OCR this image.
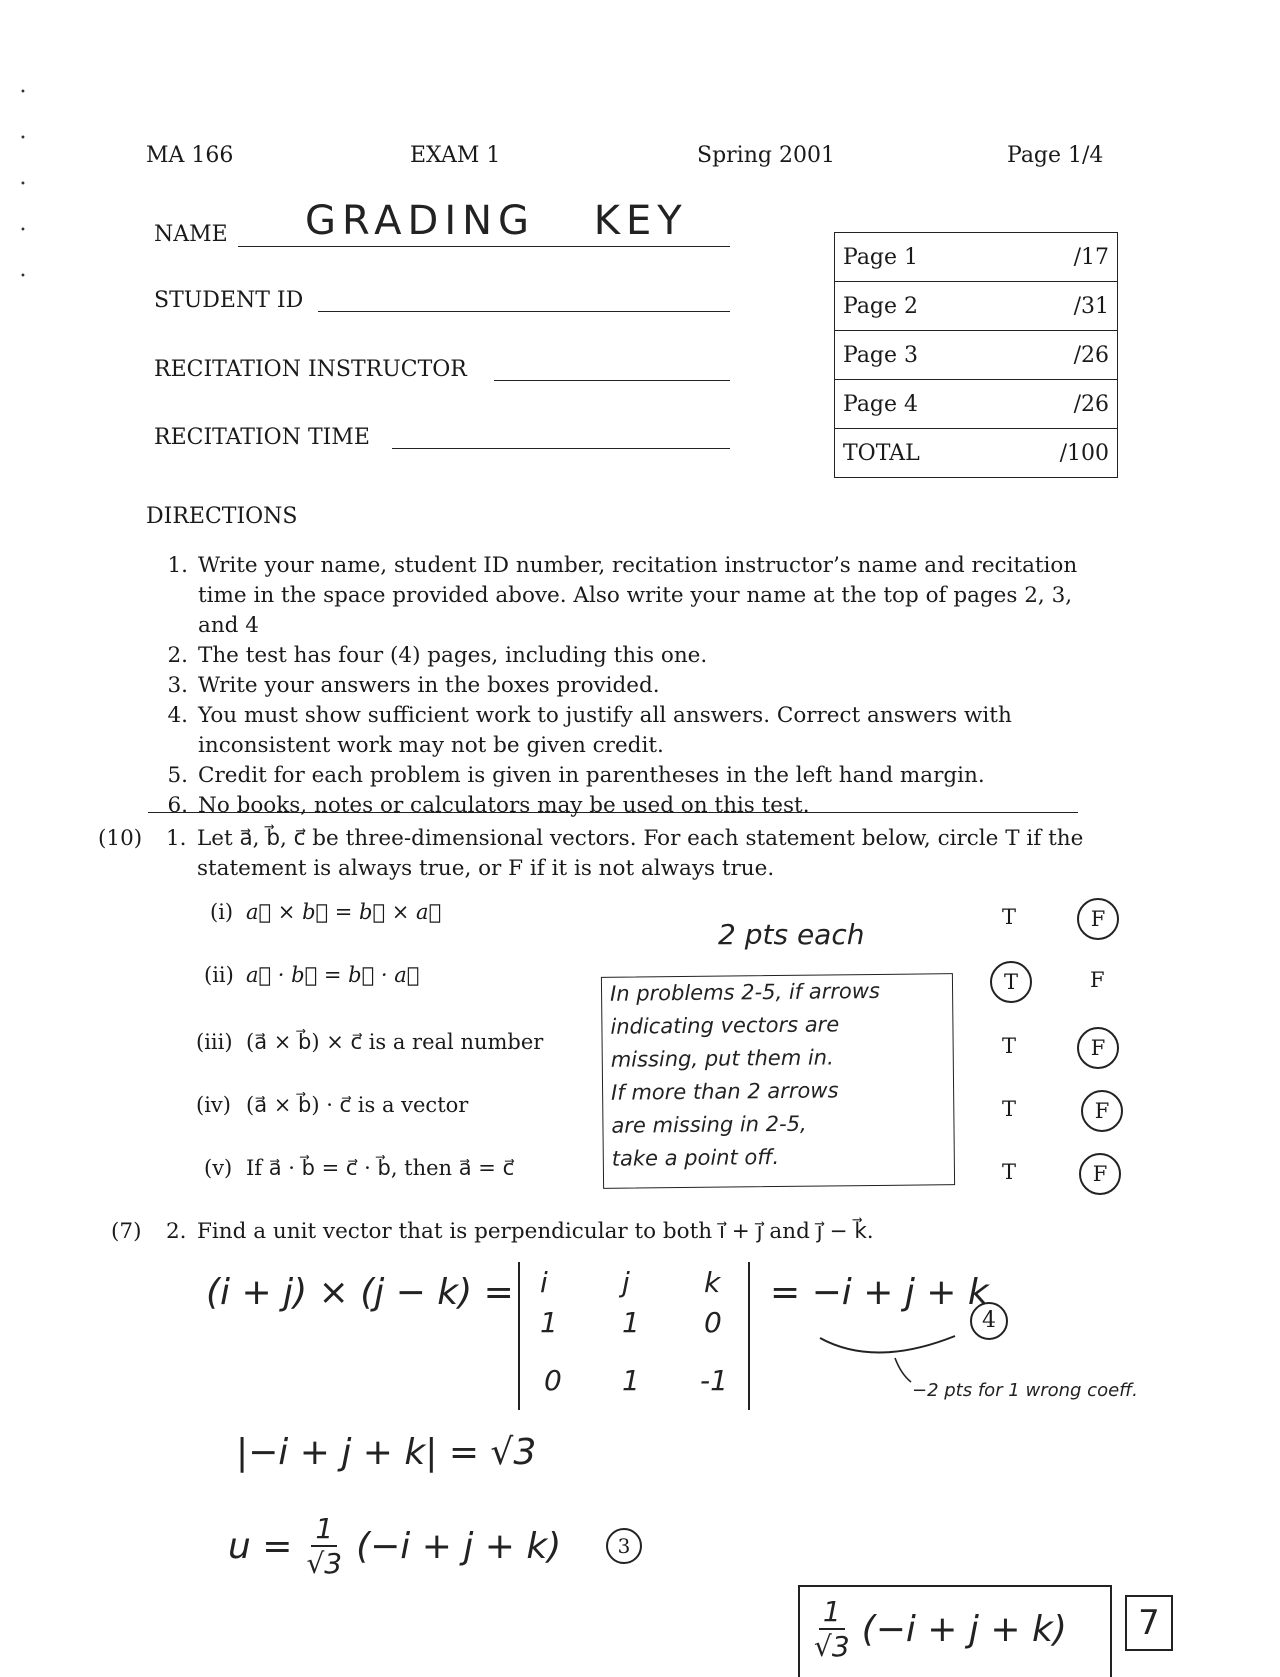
•
•
•
•
•
MA 166	EXAM 1	Spring 2001	Page 1/4
NAME GRADING KEY
STUDENT ID
RECITATION INSTRUCTOR
RECITATION TIME
Page 1	/17
Page 2	/31
Page 3	/26
Page 4	/26
TOTAL	/100
DIRECTIONS
1. Write your name, student ID number, recitation instructor’s name and recitation time in the space provided above. Also write your name at the top of pages 2, 3, and 4
2. The test has four (4) pages, including this one.
3. Write your answers in the boxes provided.
4. You must show sufficient work to justify all answers. Correct answers with inconsistent work may not be given credit.
5. Credit for each problem is given in parentheses in the left hand margin.
6. No books, notes or calculators may be used on this test.
(10) 1. Let a⃗, b⃗, c⃗ be three-dimensional vectors. For each statement below, circle T if the
statement is always true, or F if it is not always true.
(i) a⃗ × b⃗ = b⃗ × a⃗
(ii) a⃗ · b⃗ = b⃗ · a⃗
(iii) (a⃗ × b⃗) × c⃗ is a real number
(iv) (a⃗ × b⃗) · c⃗ is a vector
(v) If a⃗ · b⃗ = c⃗ · b⃗, then a⃗ = c⃗
T	F
T	F
T	F
T	F
T	F
2 pts each
In problems 2-5, if arrows
indicating vectors are
missing, put them in.
If more than 2 arrows
are missing in 2-5,
take a point off.
(7) 2. Find a unit vector that is perpendicular to both i⃗ + j⃗ and j⃗ − k⃗.
(i + j) × (j − k) = i	j	k
1 1 0
0 1 -1
= −i + j + k
4
−2 pts for 1 wrong coeff.
|−i + j + k| = √3
$u = \frac{1}{√3} (-i + j + k)$	3
$\frac{1}{√3} (-i + j + k)$	7
